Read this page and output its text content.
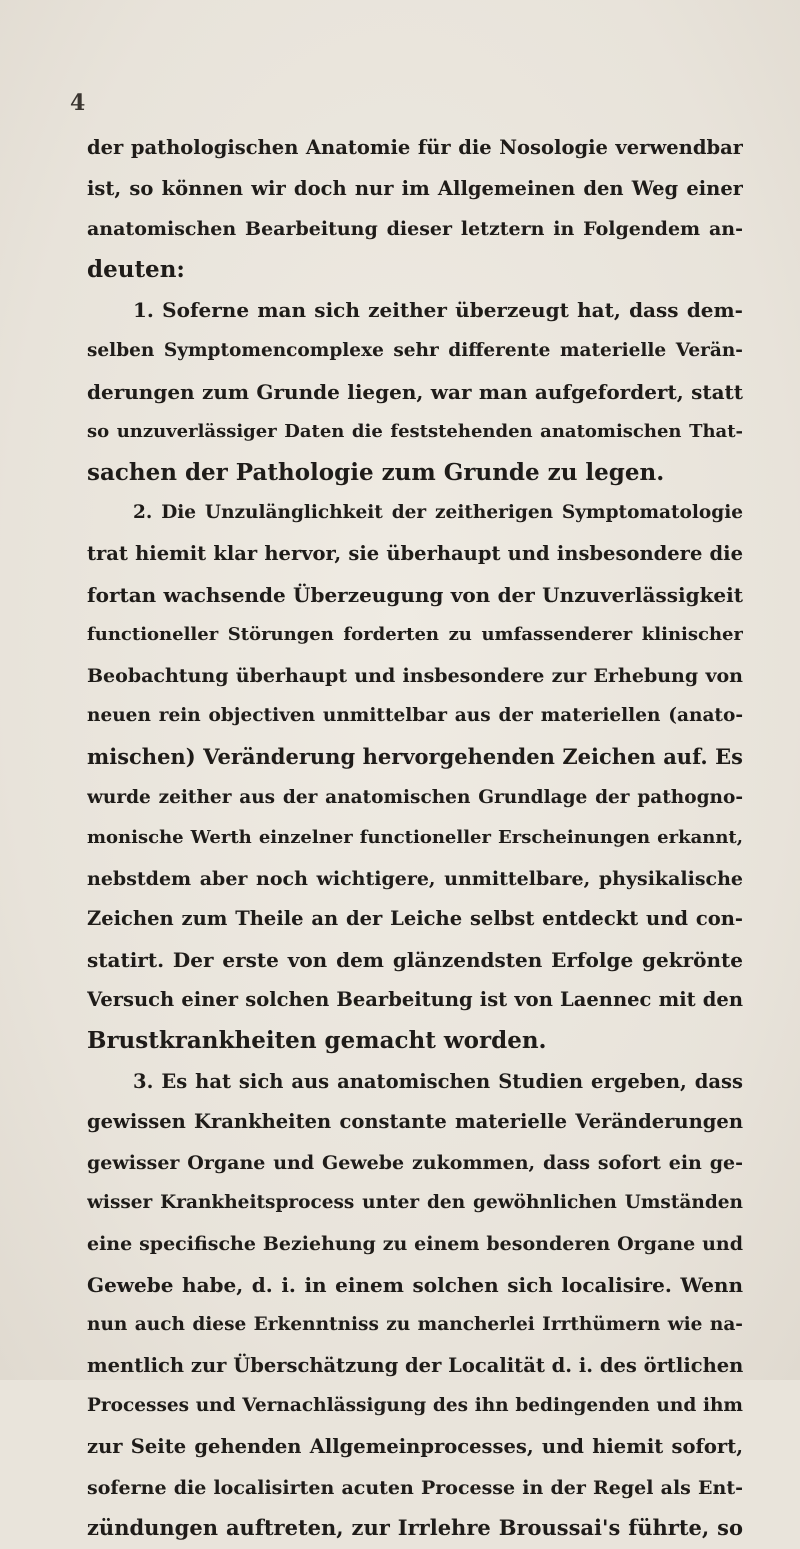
4
der pathologischen Anatomie für die Nosologie verwendbar
ist, so können wir doch nur im Allgemeinen den Weg einer
anatomischen Bearbeitung dieser letztern in Folgendem an-
deuten:
1. Soferne man sich zeither überzeugt hat, dass dem-
selben Symptomencomplexe sehr differente materielle Verän-
derungen zum Grunde liegen, war man aufgefordert, statt
so unzuverlässiger Daten die feststehenden anatomischen That-
sachen der Pathologie zum Grunde zu legen.
2. Die Unzulänglichkeit der zeitherigen Symptomatologie
trat hiemit klar hervor, sie überhaupt und insbesondere die
fortan wachsende Überzeugung von der Unzuverlässigkeit
functioneller Störungen forderten zu umfassenderer klinischer
Beobachtung überhaupt und insbesondere zur Erhebung von
neuen rein objectiven unmittelbar aus der materiellen (anato-
mischen) Veränderung hervorgehenden Zeichen auf. Es
wurde zeither aus der anatomischen Grundlage der pathogno-
monische Werth einzelner functioneller Erscheinungen erkannt,
nebstdem aber noch wichtigere, unmittelbare, physikalische
Zeichen zum Theile an der Leiche selbst entdeckt und con-
statirt. Der erste von dem glänzendsten Erfolge gekrönte
Versuch einer solchen Bearbeitung ist von Laennec mit den
Brustkrankheiten gemacht worden.
3. Es hat sich aus anatomischen Studien ergeben, dass
gewissen Krankheiten constante materielle Veränderungen
gewisser Organe und Gewebe zukommen, dass sofort ein ge-
wisser Krankheitsprocess unter den gewöhnlichen Umständen
eine specifische Beziehung zu einem besonderen Organe und
Gewebe habe, d. i. in einem solchen sich localisire. Wenn
nun auch diese Erkenntniss zu mancherlei Irrthümern wie na-
mentlich zur Überschätzung der Localität d. i. des örtlichen
Processes und Vernachlässigung des ihn bedingenden und ihm
zur Seite gehenden Allgemeinprocesses, und hiemit sofort,
soferne die localisirten acuten Processe in der Regel als Ent-
zündungen auftreten, zur Irrlehre Broussai's führte, so
